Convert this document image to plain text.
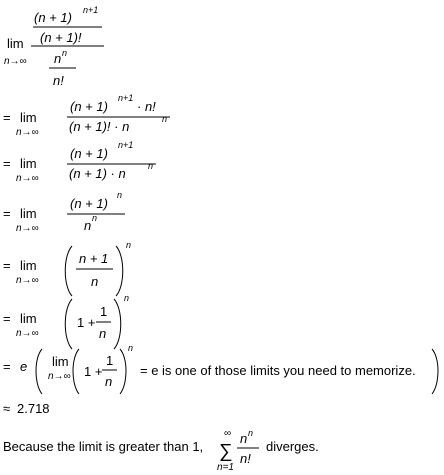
lim
n→∞
(n + 1) n+1
(n + 1)!
n n
n!
= lim
n→∞
(n + 1)
n+1
· n!
(n + 1)! · n	n
= lim
n→∞
(n + 1)
n+1
(n + 1) · n n
= lim
n→∞
(n + 1)
n
n n
= lim
n→∞
n + 1
n
n
= lim
n→∞
1 +
1
n
n
= e lim
n→∞ 1 +
1
n
n
= e is one of those limits you need to memorize.
≈ 2.718
Because the limit is greater than 1,
∞
∑
n=1
n n
n!
diverges.
